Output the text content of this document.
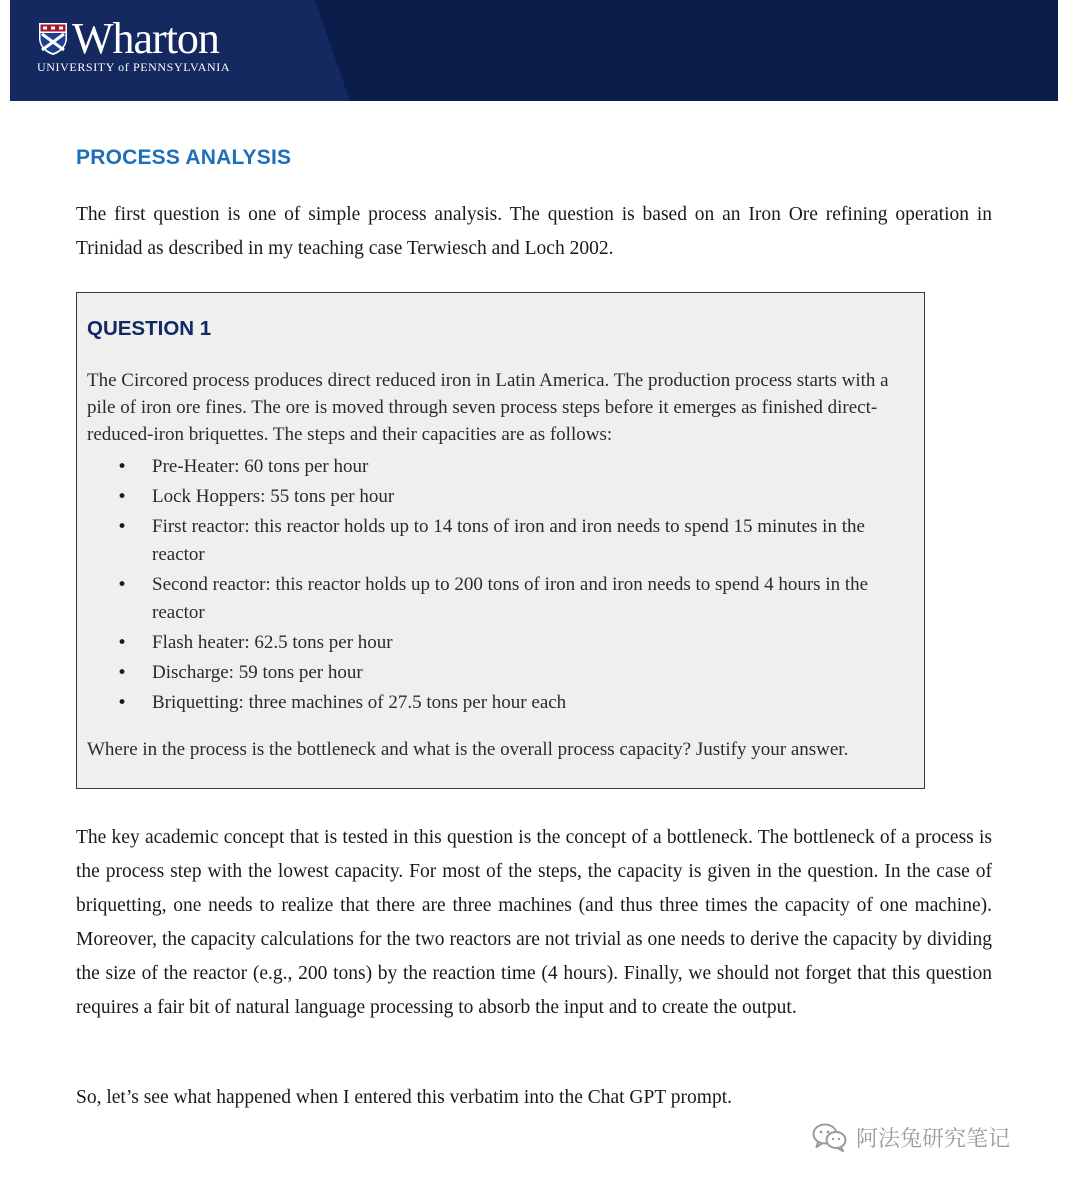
Wharton
UNIVERSITY of PENNSYLVANIA
PROCESS ANALYSIS

The first question is one of simple process analysis. The question is based on an Iron Ore refining operation in Trinidad as described in my teaching case Terwiesch and Loch 2002.

QUESTION 1

The Circored process produces direct reduced iron in Latin America. The production process starts with a pile of iron ore fines. The ore is moved through seven process steps before it emerges as finished direct-reduced-iron briquettes. The steps and their capacities are as follows:

• Pre-Heater: 60 tons per hour
• Lock Hoppers: 55 tons per hour
• First reactor: this reactor holds up to 14 tons of iron and iron needs to spend 15 minutes in the reactor
• Second reactor: this reactor holds up to 200 tons of iron and iron needs to spend 4 hours in the reactor
• Flash heater: 62.5 tons per hour
• Discharge: 59 tons per hour
• Briquetting: three machines of 27.5 tons per hour each

Where in the process is the bottleneck and what is the overall process capacity? Justify your answer.

The key academic concept that is tested in this question is the concept of a bottleneck. The bottleneck of a process is the process step with the lowest capacity. For most of the steps, the capacity is given in the question. In the case of briquetting, one needs to realize that there are three machines (and thus three times the capacity of one machine). Moreover, the capacity calculations for the two reactors are not trivial as one needs to derive the capacity by dividing the size of the reactor (e.g., 200 tons) by the reaction time (4 hours). Finally, we should not forget that this question requires a fair bit of natural language processing to absorb the input and to create the output.

So, let’s see what happened when I entered this verbatim into the Chat GPT prompt.

阿法兔研究笔记
